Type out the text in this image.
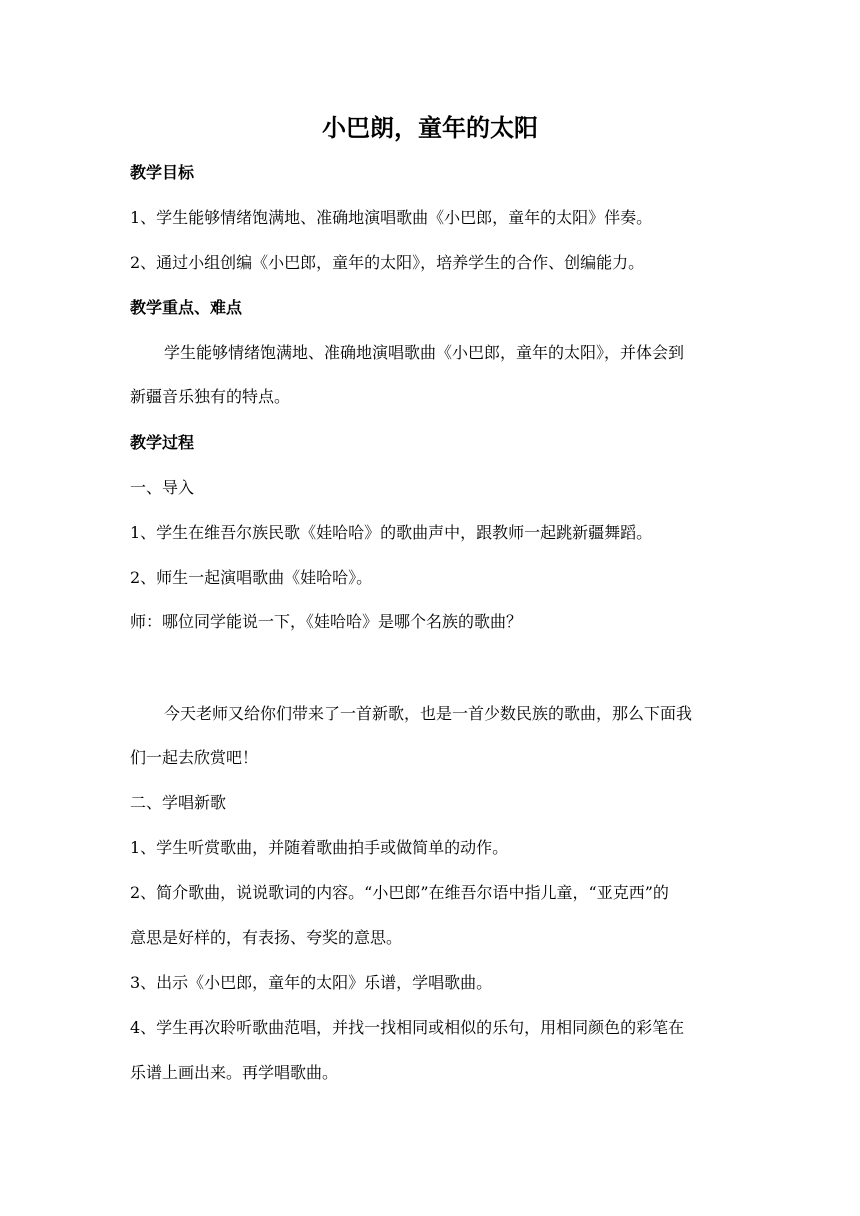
小巴朗，童年的太阳
教学目标
1、学生能够情绪饱满地、准确地演唱歌曲《小巴郎，童年的太阳》伴奏。
2、通过小组创编《小巴郎，童年的太阳》，培养学生的合作、创编能力。
教学重点、难点
学生能够情绪饱满地、准确地演唱歌曲《小巴郎，童年的太阳》，并体会到
新疆音乐独有的特点。
教学过程
一、导入
1、学生在维吾尔族民歌《娃哈哈》的歌曲声中，跟教师一起跳新疆舞蹈。
2、师生一起演唱歌曲《娃哈哈》。
师：哪位同学能说一下，《娃哈哈》是哪个名族的歌曲？
今天老师又给你们带来了一首新歌，也是一首少数民族的歌曲，那么下面我
们一起去欣赏吧！
二、学唱新歌
1、学生听赏歌曲，并随着歌曲拍手或做简单的动作。
2、简介歌曲，说说歌词的内容。“小巴郎”在维吾尔语中指儿童，“亚克西”的
意思是好样的，有表扬、夸奖的意思。
3、出示《小巴郎，童年的太阳》乐谱，学唱歌曲。
4、学生再次聆听歌曲范唱，并找一找相同或相似的乐句，用相同颜色的彩笔在
乐谱上画出来。再学唱歌曲。
